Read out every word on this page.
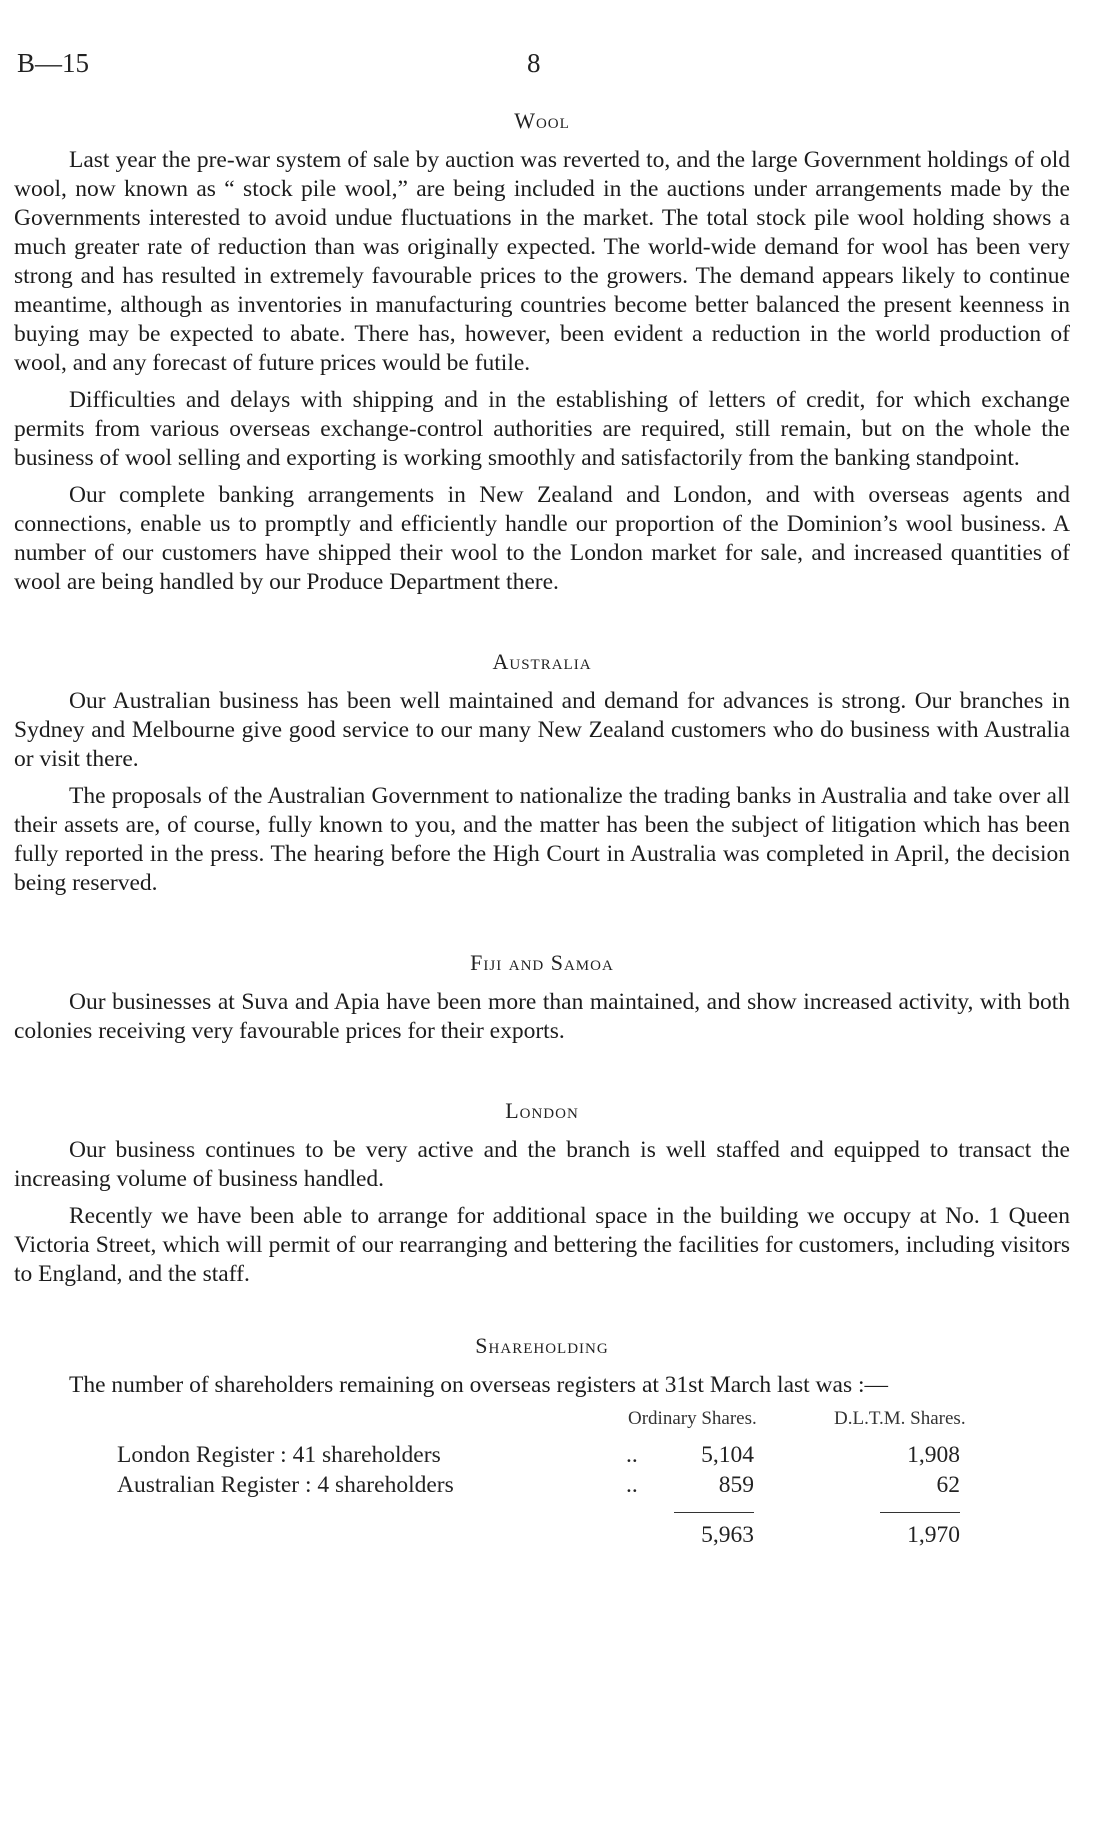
B—15	8
Wool

Last year the pre-war system of sale by auction was reverted to, and the large Government holdings of old wool, now known as “ stock pile wool,” are being included in the auctions under arrangements made by the Governments interested to avoid undue fluctuations in the market. The total stock pile wool holding shows a much greater rate of reduction than was originally expected. The world-wide demand for wool has been very strong and has resulted in extremely favourable prices to the growers. The demand appears likely to continue meantime, although as inventories in manufacturing countries become better balanced the present keenness in buying may be expected to abate. There has, however, been evident a reduction in the world production of wool, and any forecast of future prices would be futile.

Difficulties and delays with shipping and in the establishing of letters of credit, for which exchange permits from various overseas exchange-control authorities are required, still remain, but on the whole the business of wool selling and exporting is working smoothly and satisfactorily from the banking standpoint.

Our complete banking arrangements in New Zealand and London, and with overseas agents and connections, enable us to promptly and efficiently handle our proportion of the Dominion’s wool business. A number of our customers have shipped their wool to the London market for sale, and increased quantities of wool are being handled by our Produce Department there.

Australia

Our Australian business has been well maintained and demand for advances is strong. Our branches in Sydney and Melbourne give good service to our many New Zealand customers who do business with Australia or visit there.

The proposals of the Australian Government to nationalize the trading banks in Australia and take over all their assets are, of course, fully known to you, and the matter has been the subject of litigation which has been fully reported in the press. The hearing before the High Court in Australia was completed in April, the decision being reserved.

Fiji and Samoa

Our businesses at Suva and Apia have been more than maintained, and show increased activity, with both colonies receiving very favourable prices for their exports.

London

Our business continues to be very active and the branch is well staffed and equipped to transact the increasing volume of business handled.

Recently we have been able to arrange for additional space in the building we occupy at No. 1 Queen Victoria Street, which will permit of our rearranging and bettering the facilities for customers, including visitors to England, and the staff.

Shareholding

The number of shareholders remaining on overseas registers at 31st March last was :—

Ordinary Shares.	D.L.T.M. Shares.
London Register : 41 shareholders	..	5,104	1,908
Australian Register : 4 shareholders	..	859	62
5,963	1,970
